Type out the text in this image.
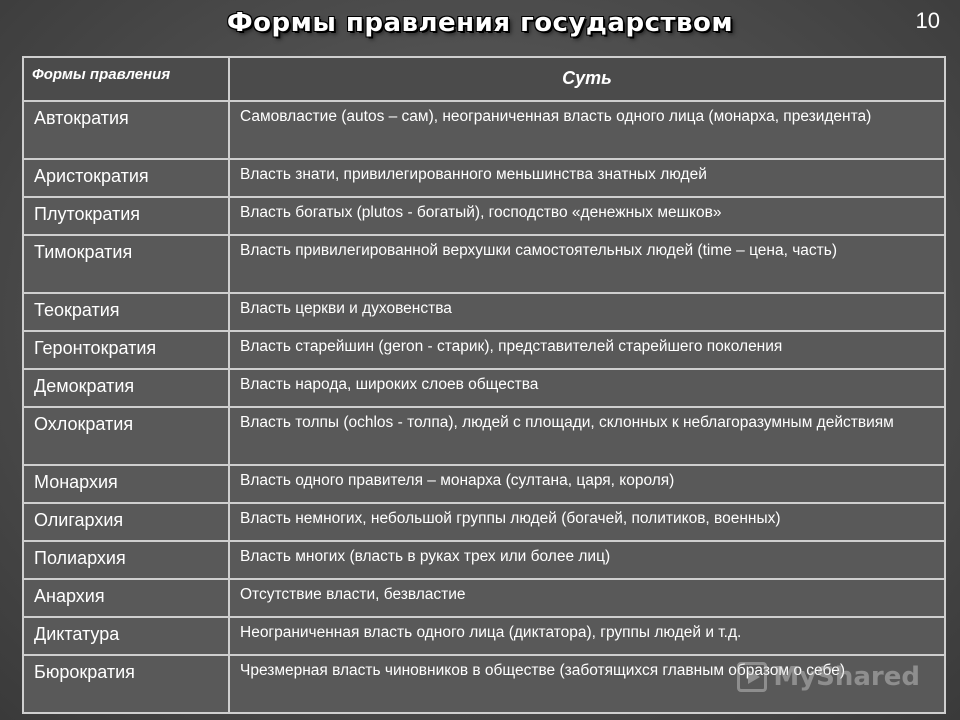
Формы правления государством	10
Формы правления	Суть
Автократия	Самовластие (autos – сам), неограниченная власть одного лица (монарха, президента)
Аристократия	Власть знати, привилегированного меньшинства знатных людей
Плутократия	Власть богатых (plutos - богатый), господство «денежных мешков»
Тимократия	Власть привилегированной верхушки самостоятельных людей (time – цена, часть)
Теократия	Власть церкви и духовенства
Геронтократия	Власть старейшин (geron - старик), представителей старейшего поколения
Демократия	Власть народа, широких слоев общества
Охлократия	Власть толпы (ochlos - толпа), людей с площади, склонных к неблагоразумным действиям
Монархия	Власть одного правителя – монарха (султана, царя, короля)
Олигархия	Власть немногих, небольшой группы людей (богачей, политиков, военных)
Полиархия	Власть многих (власть в руках трех или более лиц)
Анархия	Отсутствие власти, безвластие
Диктатура	Неограниченная власть одного лица (диктатора), группы людей и т.д.
Бюрократия	Чрезмерная власть чиновников в обществе (заботящихся главным образом о себе)
MyShared
